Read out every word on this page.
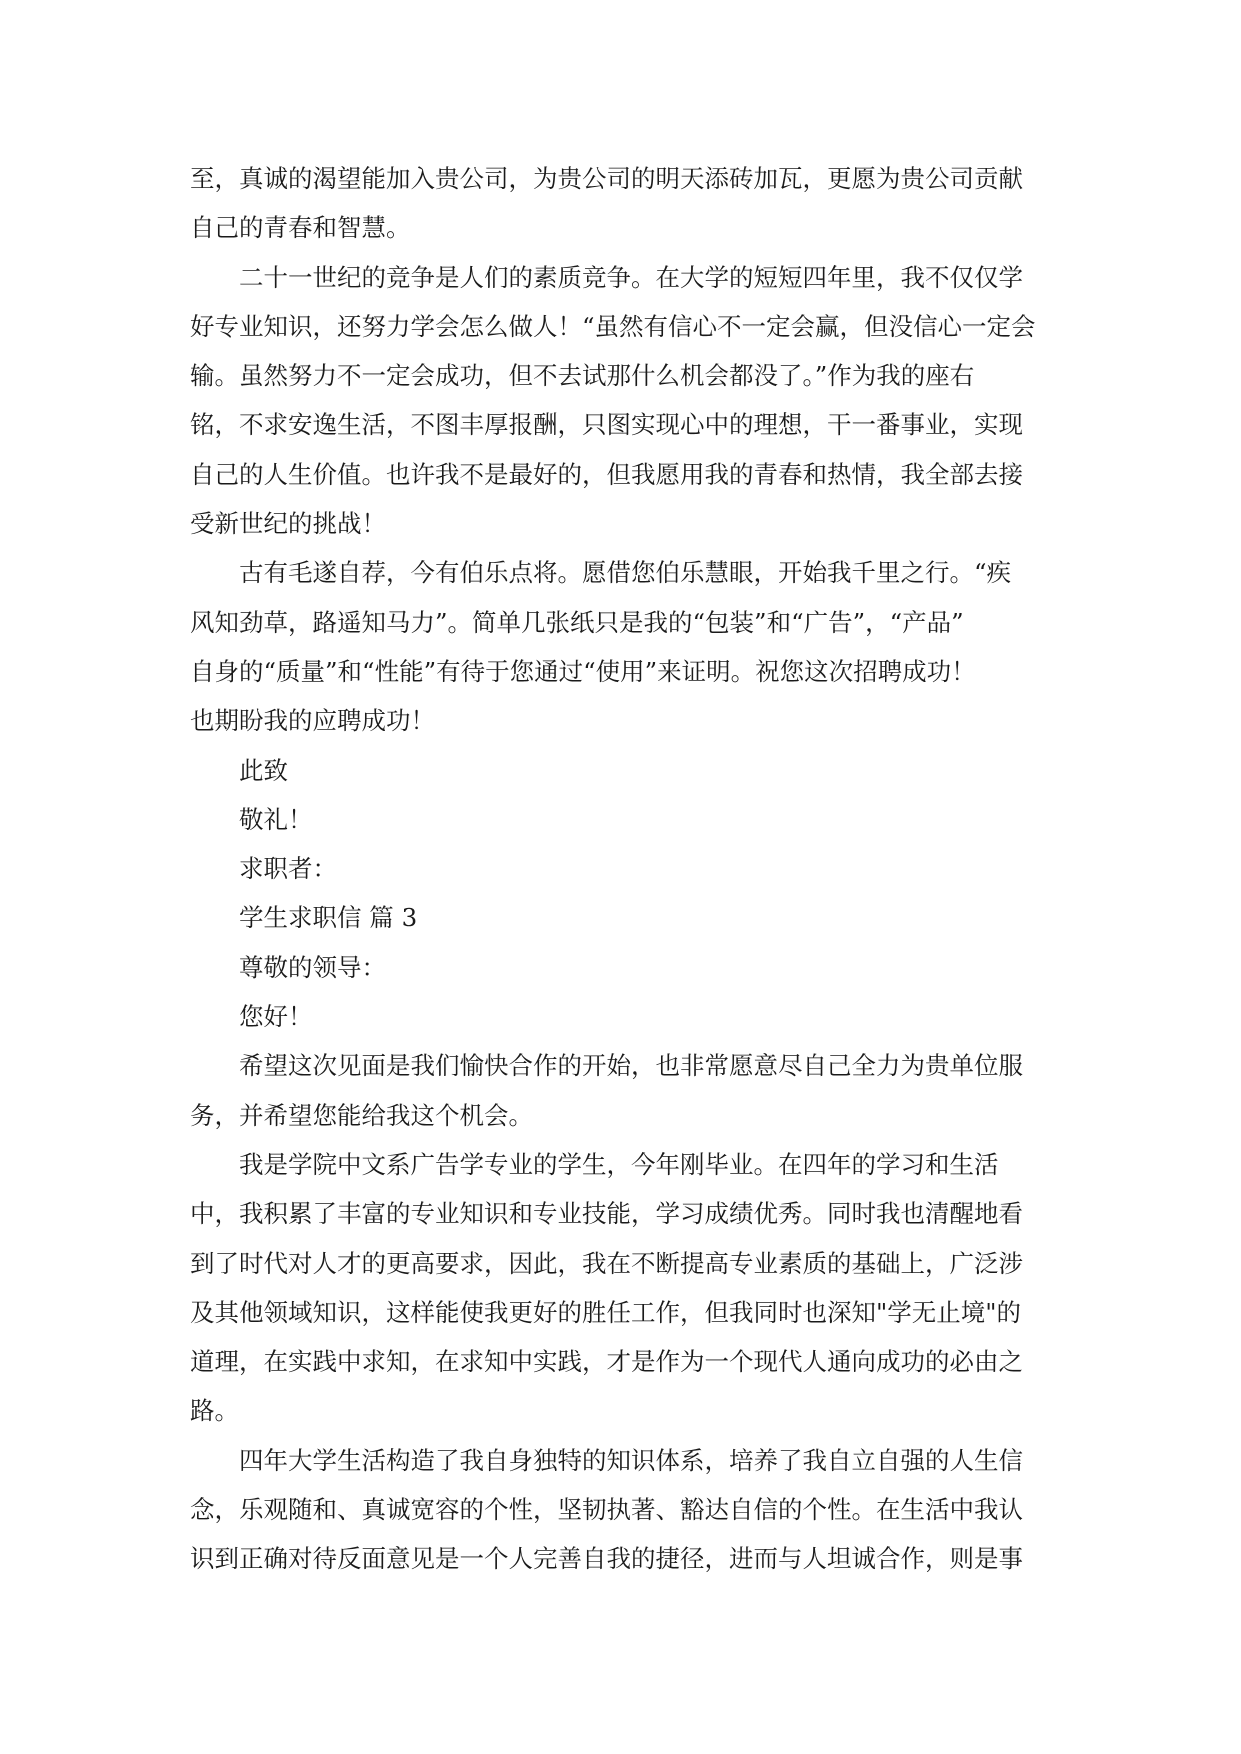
至，真诚的渴望能加入贵公司，为贵公司的明天添砖加瓦，更愿为贵公司贡献

自己的青春和智慧。

二十一世纪的竞争是人们的素质竞争。在大学的短短四年里，我不仅仅学

好专业知识，还努力学会怎么做人！“虽然有信心不一定会赢，但没信心一定会

输。虽然努力不一定会成功，但不去试那什么机会都没了。”作为我的座右

铭，不求安逸生活，不图丰厚报酬，只图实现心中的理想，干一番事业，实现

自己的人生价值。也许我不是最好的，但我愿用我的青春和热情，我全部去接

受新世纪的挑战！

古有毛遂自荐，今有伯乐点将。愿借您伯乐慧眼，开始我千里之行。“疾

风知劲草，路遥知马力”。简单几张纸只是我的“包装”和“广告”，“产品”

自身的“质量”和“性能”有待于您通过“使用”来证明。祝您这次招聘成功！

也期盼我的应聘成功！

此致

敬礼！

求职者：

学生求职信 篇 3

尊敬的领导：

您好！

希望这次见面是我们愉快合作的开始，也非常愿意尽自己全力为贵单位服

务，并希望您能给我这个机会。

我是学院中文系广告学专业的学生，今年刚毕业。在四年的学习和生活

中，我积累了丰富的专业知识和专业技能，学习成绩优秀。同时我也清醒地看

到了时代对人才的更高要求，因此，我在不断提高专业素质的基础上，广泛涉

及其他领域知识，这样能使我更好的胜任工作，但我同时也深知"学无止境"的

道理，在实践中求知，在求知中实践，才是作为一个现代人通向成功的必由之

路。

四年大学生活构造了我自身独特的知识体系，培养了我自立自强的人生信

念，乐观随和、真诚宽容的个性，坚韧执著、豁达自信的个性。在生活中我认

识到正确对待反面意见是一个人完善自我的捷径，进而与人坦诚合作，则是事
